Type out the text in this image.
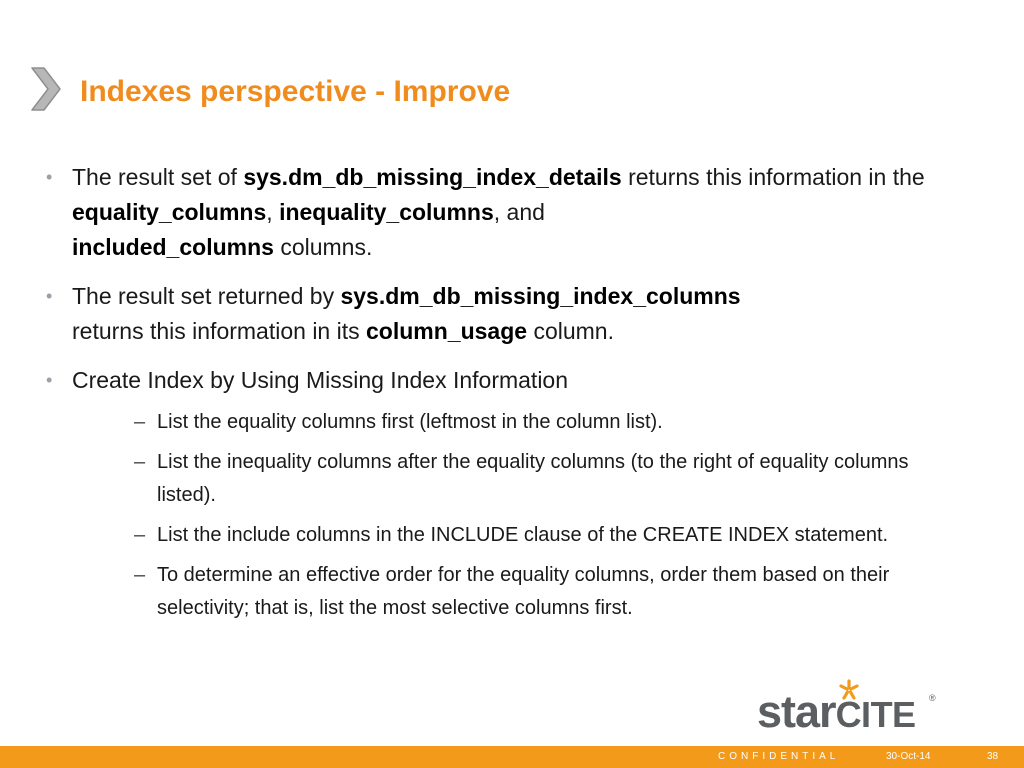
Indexes perspective - Improve
• The result set of sys.dm_db_missing_index_details returns this information in the equality_columns, inequality_columns, and
included_columns columns.
• The result set returned by sys.dm_db_missing_index_columns
returns this information in its column_usage column.
• Create Index by Using Missing Index Information
– List the equality columns first (leftmost in the column list).
– List the inequality columns after the equality columns (to the right of equality columns listed).
– List the include columns in the INCLUDE clause of the CREATE INDEX statement.
– To determine an effective order for the equality columns, order them based on their selectivity; that is, list the most selective columns first.
starCITE ®
CONFIDENTIAL	30-Oct-14	38
